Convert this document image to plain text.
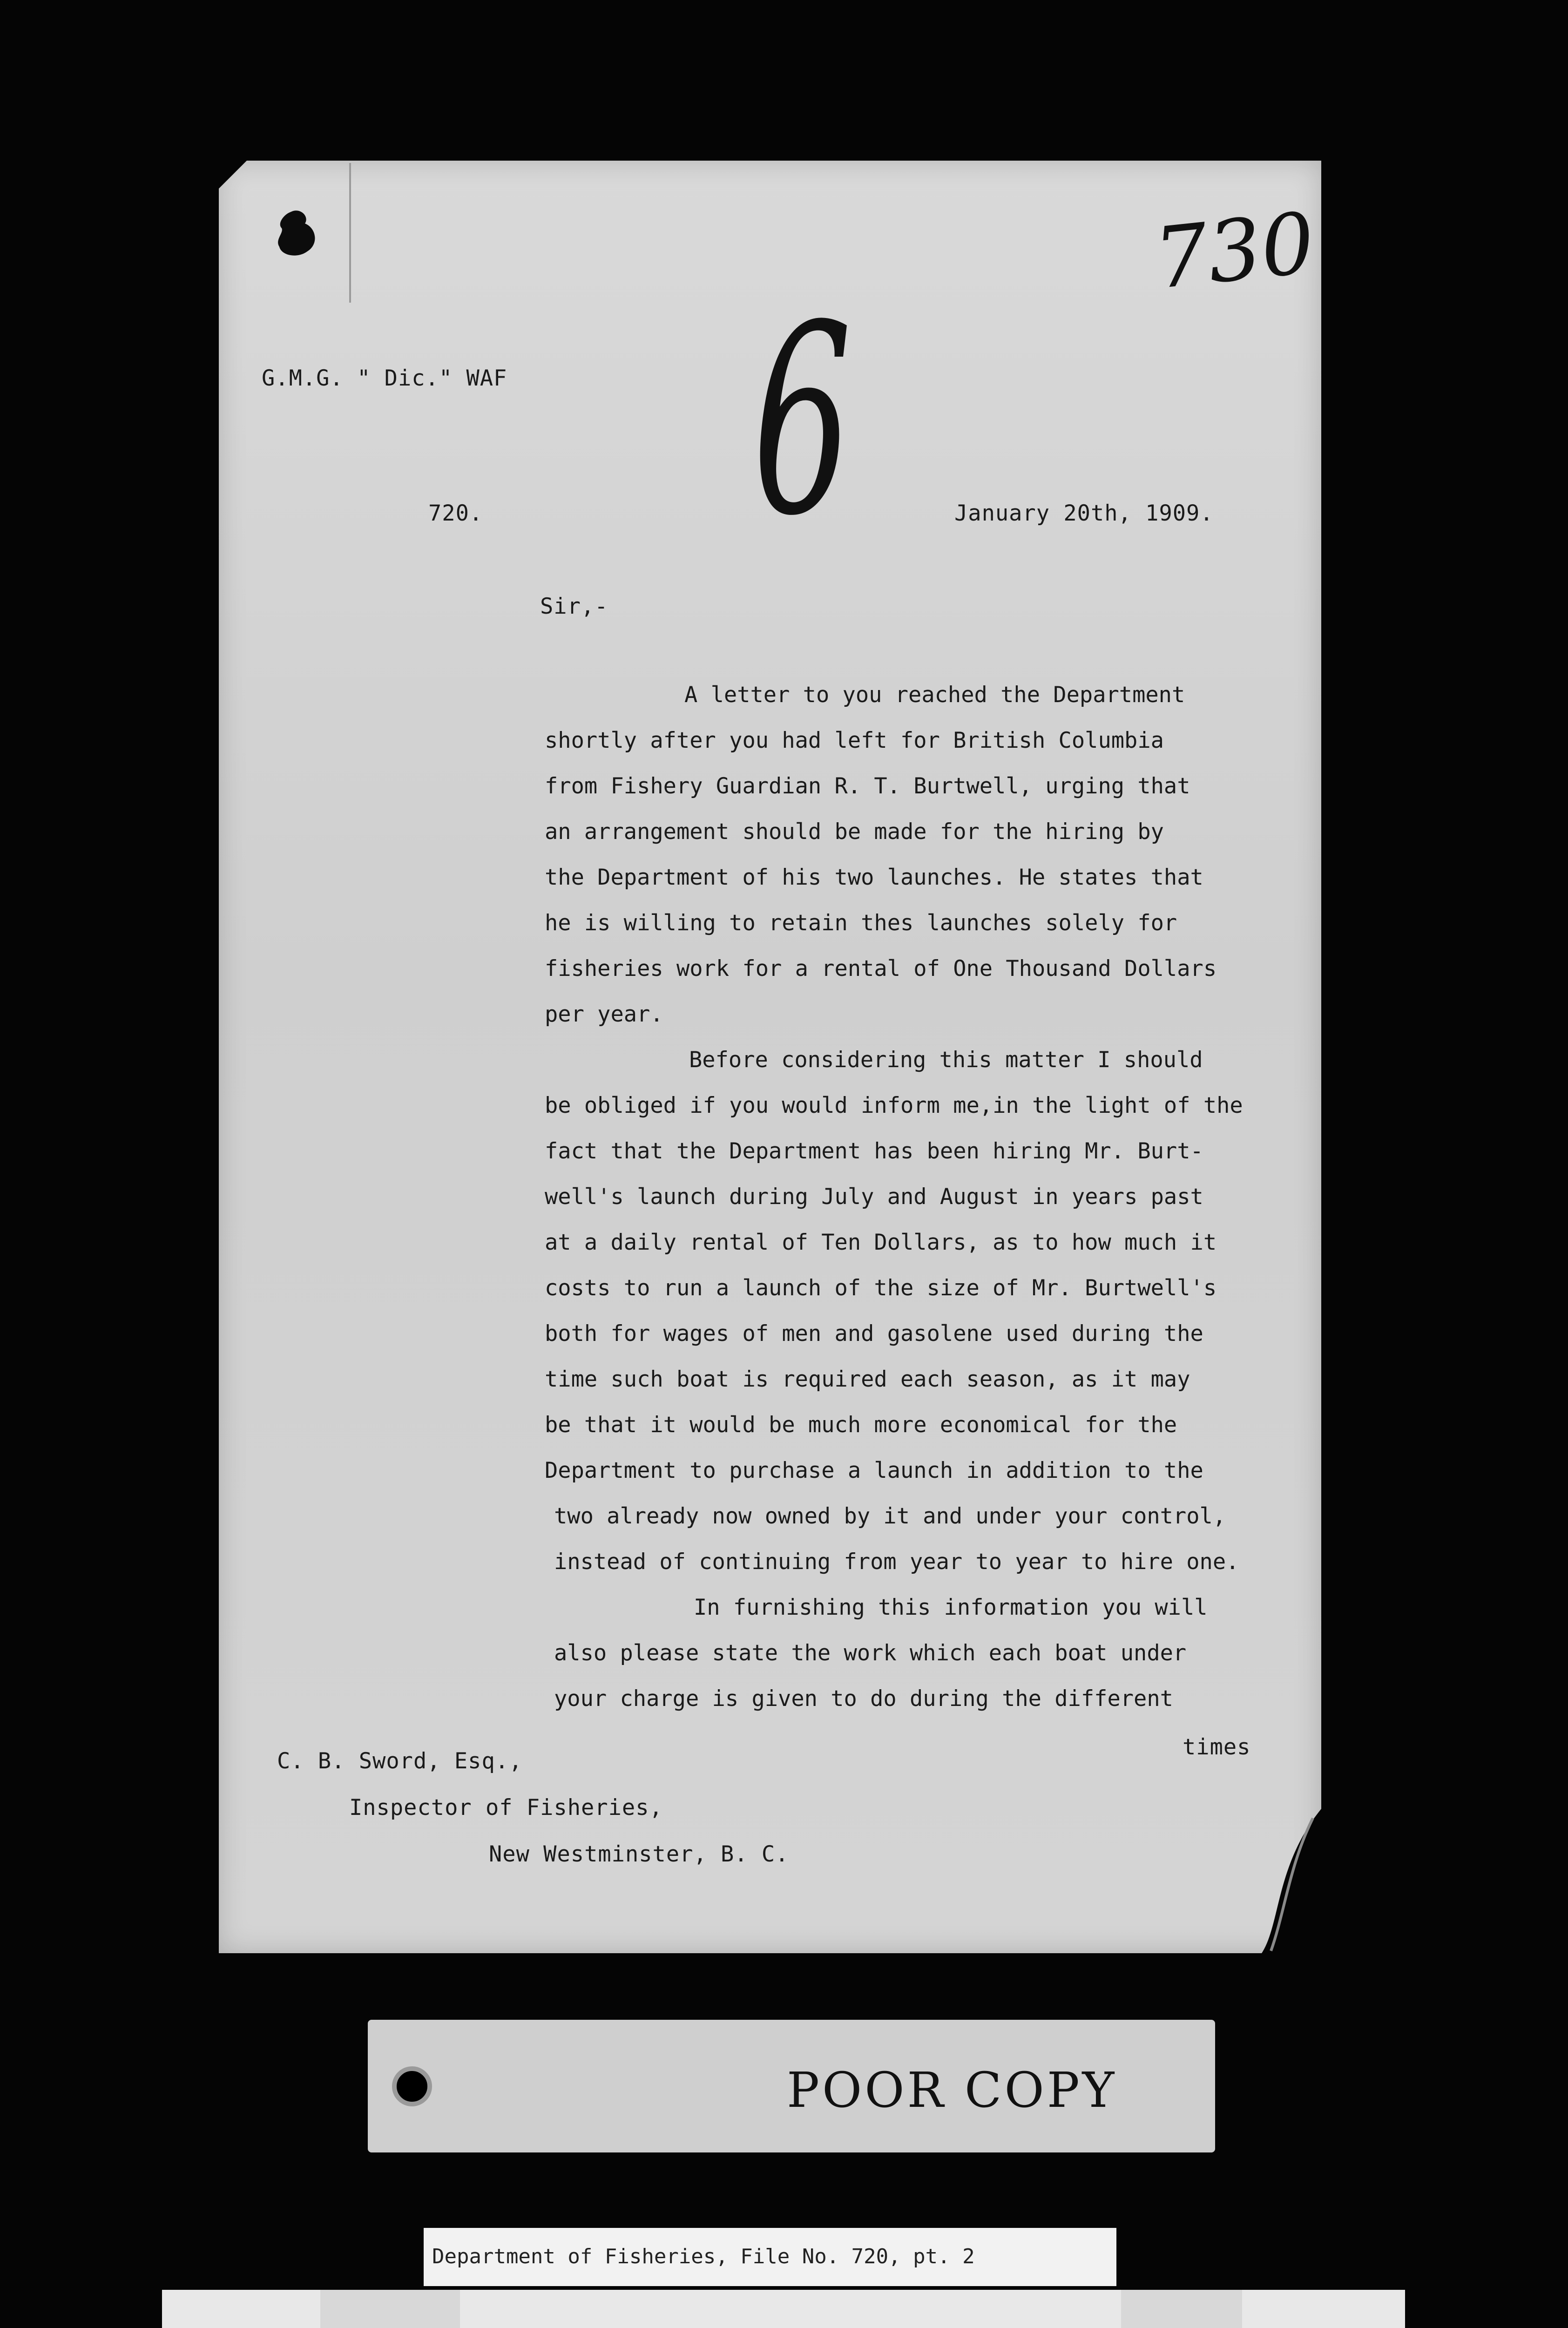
730
6
G.M.G. " Dic." WAF
720.	January 20th, 1909.
Sir,-
A letter to you reached the Department
shortly after you had left for British Columbia
from Fishery Guardian R. T. Burtwell, urging that
an arrangement should be made for the hiring by
the Department of his two launches. He states that
he is willing to retain thes launches solely for
fisheries work for a rental of One Thousand Dollars
per year.
Before considering this matter I should
be obliged if you would inform me,in the light of the
fact that the Department has been hiring Mr. Burt-
well's launch during July and August in years past
at a daily rental of Ten Dollars, as to how much it
costs to run a launch of the size of Mr. Burtwell's
both for wages of men and gasolene used during the
time such boat is required each season, as it may
be that it would be much more economical for the
Department to purchase a launch in addition to the
two already now owned by it and under your control,
instead of continuing from year to year to hire one.
In furnishing this information you will
also please state the work which each boat under
your charge is given to do during the different
times
C. B. Sword, Esq.,
Inspector of Fisheries,
New Westminster, B. C.
POOR COPY
Department of Fisheries, File No. 720, pt. 2
